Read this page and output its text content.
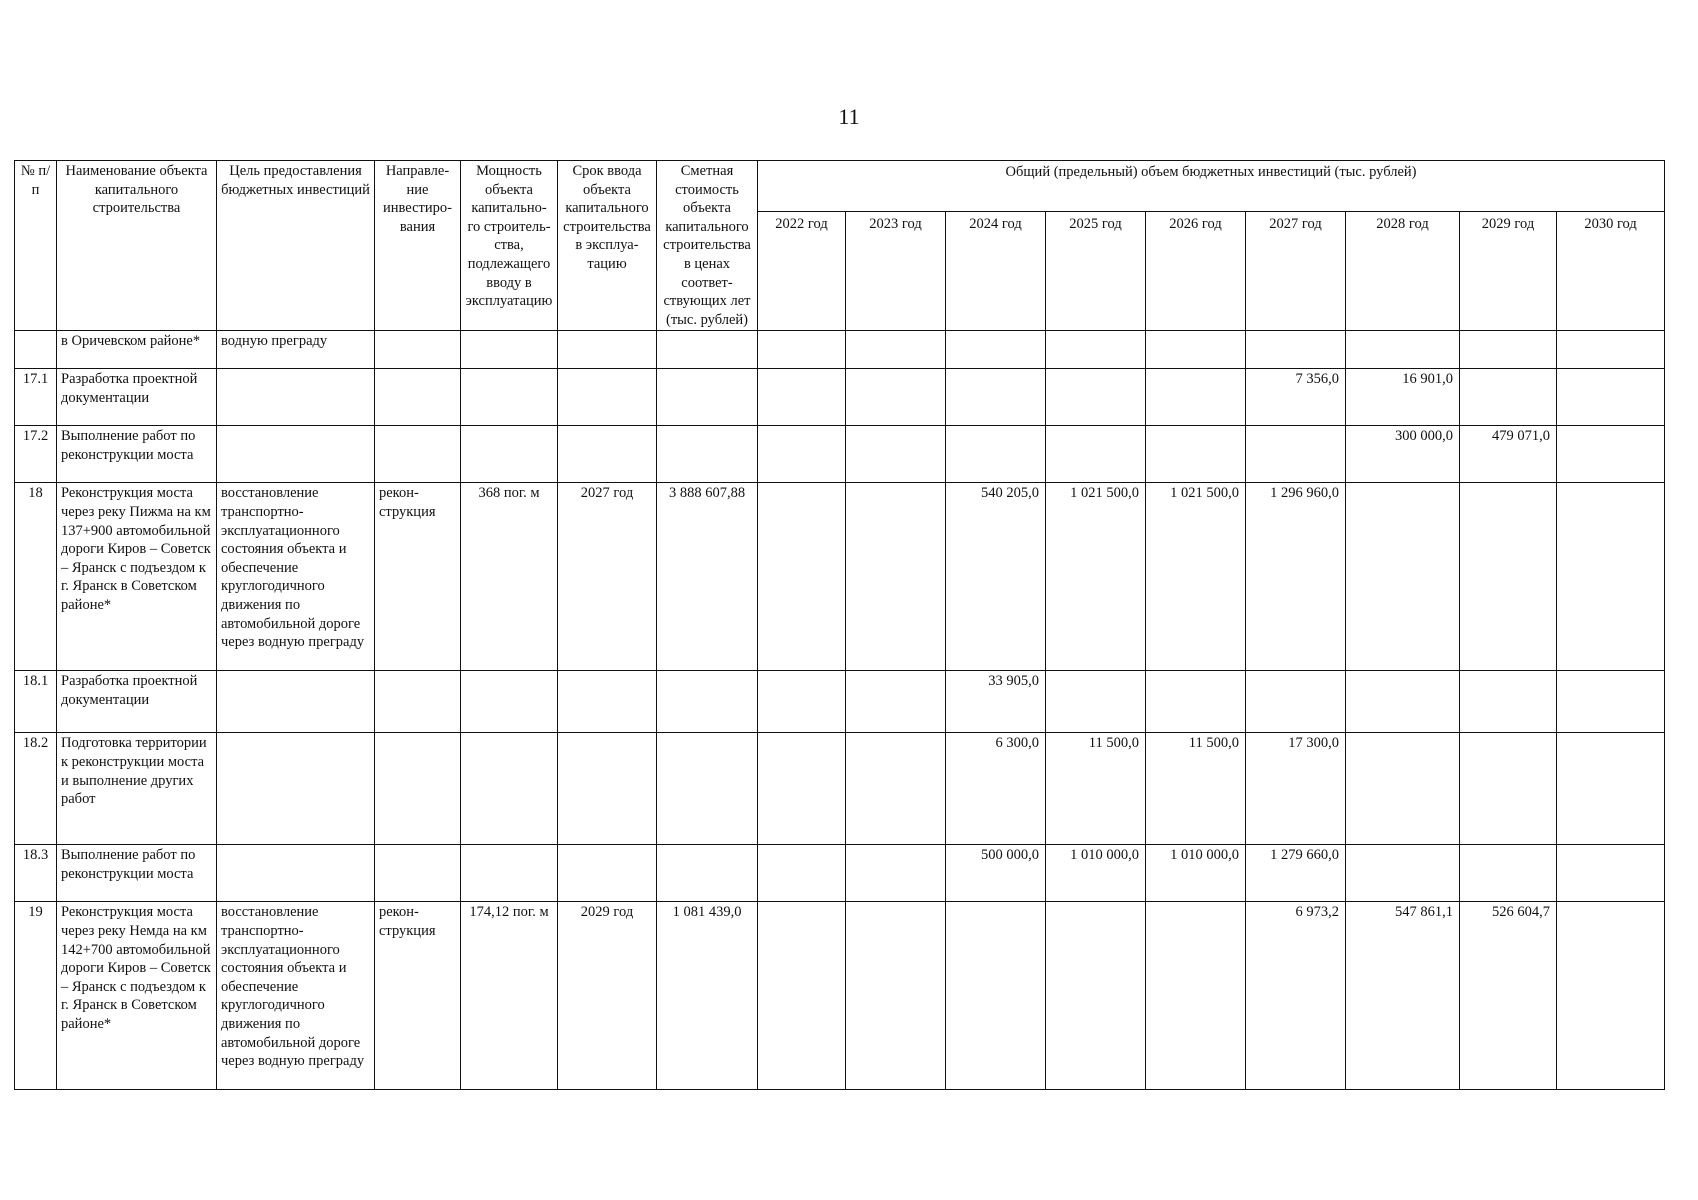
11
№ п/п	Наименование объекта капитального строительства	Цель предоставления бюджетных инвестиций	Направле-ние инвестиро-вания	Мощность объекта капитально-го строитель-ства, подлежащего вводу в эксплуатацию	Срок ввода объекта капитального строительства в эксплуа-тацию	Сметная стоимость объекта капитального строительства в ценах соответ-ствующих лет (тыс. рублей)	Общий (предельный) объем бюджетных инвестиций (тыс. рублей)								
							2022 год	2023 год	2024 год	2025 год	2026 год	2027 год	2028 год	2029 год	2030 год
	в Оричевском районе*	водную преграду													
17.1	Разработка проектной документации											7 356,0	16 901,0		
17.2	Выполнение работ по реконструкции моста												300 000,0	479 071,0	
18	Реконструкция моста через реку Пижма на км 137+900 автомобильной дороги Киров – Советск – Яранск с подъездом к г. Яранск в Советском районе*	восстановление транспортно-эксплуатационного состояния объекта и обеспечение круглогодичного движения по автомобильной дороге через водную преграду	рекон-струкция	368 пог. м	2027 год	3 888 607,88			540 205,0	1 021 500,0	1 021 500,0	1 296 960,0			
18.1	Разработка проектной документации								33 905,0						
18.2	Подготовка территории к реконструкции моста и выполнение других работ								6 300,0	11 500,0	11 500,0	17 300,0			
18.3	Выполнение работ по реконструкции моста								500 000,0	1 010 000,0	1 010 000,0	1 279 660,0			
19	Реконструкция моста через реку Немда на км 142+700 автомобильной дороги Киров – Советск – Яранск с подъездом к г. Яранск в Советском районе*	восстановление транспортно-эксплуатационного состояния объекта и обеспечение круглогодичного движения по автомобильной дороге через водную преграду	рекон-струкция	174,12 пог. м	2029 год	1 081 439,0						6 973,2	547 861,1	526 604,7	
